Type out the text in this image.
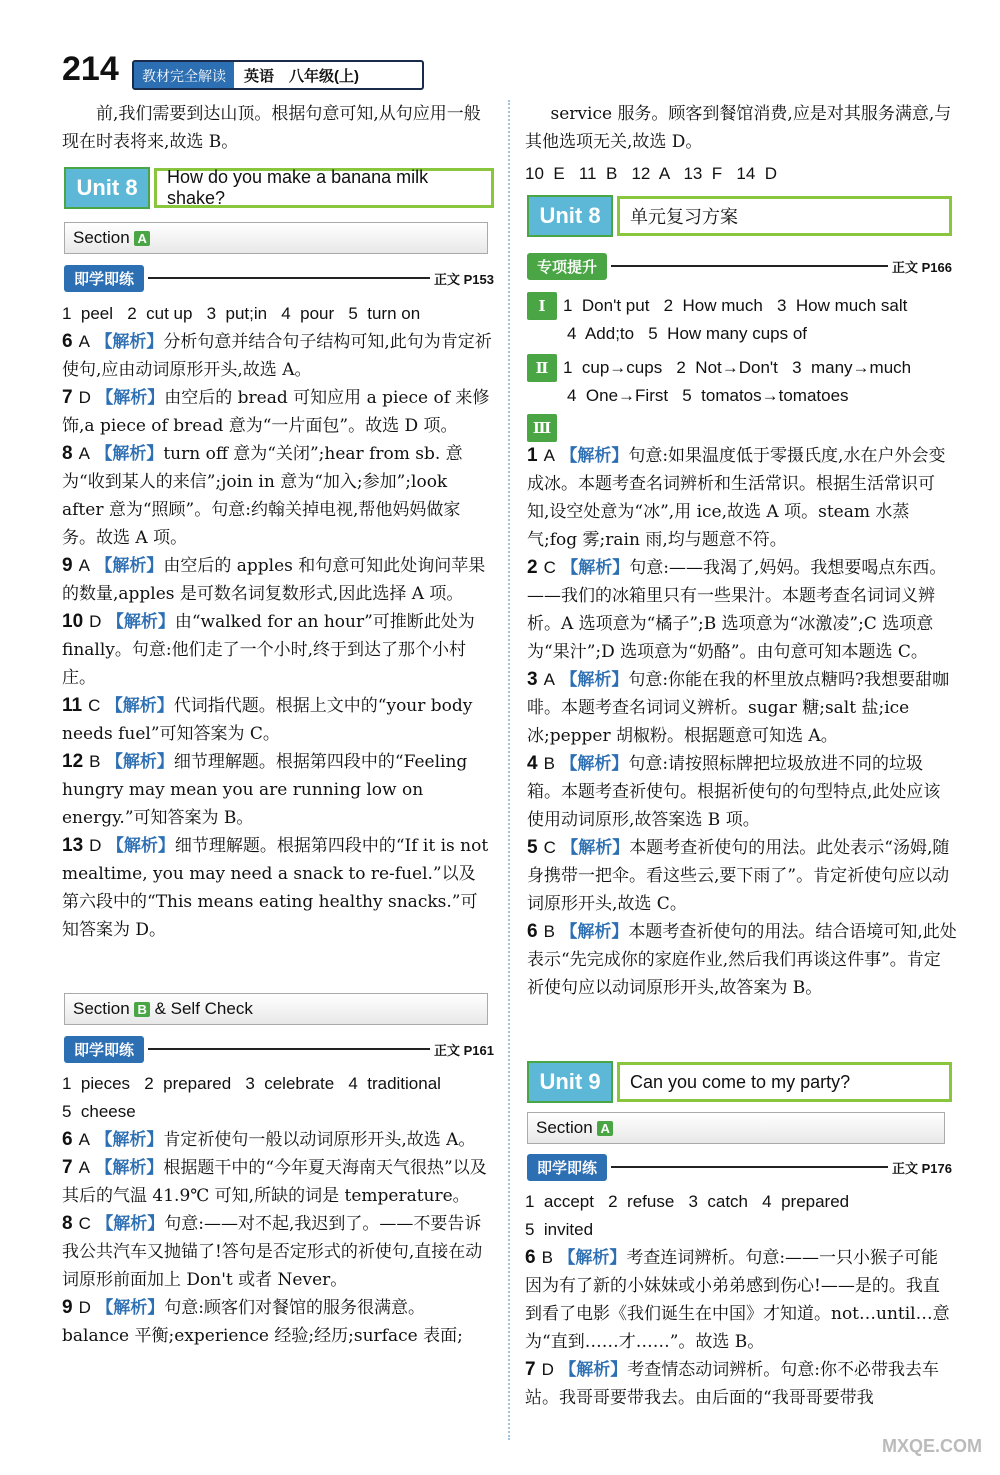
214	教材完全解读	英语　八年级(上)

前,我们需要到达山顶。根据句意可知,从句应用一般现在时表将来,故选 B。

Unit 8	How do you make a banana milk shake?
Section
A
即学即练	正文 P153

1  peel   2  cut up   3  put;in   4  pour   5  turn on

6 A 【解析】分析句意并结合句子结构可知,此句为肯定祈使句,应由动词原形开头,故选 A。

7 D 【解析】由空后的 bread 可知应用 a piece of 来修饰,a piece of bread 意为“一片面包”。故选 D 项。

8 A 【解析】turn off 意为“关闭”;hear from sb. 意为“收到某人的来信”;join in 意为“加入;参加”;look after 意为“照顾”。句意:约翰关掉电视,帮他妈妈做家务。故选 A 项。

9 A 【解析】由空后的 apples 和句意可知此处询问苹果的数量,apples 是可数名词复数形式,因此选择 A 项。

10 D 【解析】由“walked for an hour”可推断此处为 finally。句意:他们走了一个小时,终于到达了那个小村庄。

11 C 【解析】代词指代题。根据上文中的“your body needs fuel”可知答案为 C。

12 B 【解析】细节理解题。根据第四段中的“Feeling hungry may mean you are running low on energy.”可知答案为 B。

13 D 【解析】细节理解题。根据第四段中的“If it is not mealtime, you may need a snack to re-fuel.”以及第六段中的“This means eating healthy snacks.”可知答案为 D。

Section
B
& Self Check
即学即练	正文 P161

1  pieces   2  prepared   3  celebrate   4  traditional

5  cheese

6 A 【解析】肯定祈使句一般以动词原形开头,故选 A。

7 A 【解析】根据题干中的“今年夏天海南天气很热”以及其后的气温 41.9℃ 可知,所缺的词是 temperature。

8 C 【解析】句意:——对不起,我迟到了。——不要告诉我公共汽车又抛锚了!答句是否定形式的祈使句,直接在动词原形前面加上 Don't 或者 Never。

9 D 【解析】句意:顾客们对餐馆的服务很满意。balance 平衡;experience 经验;经历;surface 表面;

service 服务。顾客到餐馆消费,应是对其服务满意,与其他选项无关,故选 D。

10  E   11  B   12  A   13  F   14  D

Unit 8	单元复习方案
专项提升	正文 P166

Ⅰ 1  Don't put   2  How much   3  How much salt

4  Add;to   5  How many cups of

Ⅱ 1  cup→cups   2  Not→Don't   3  many→much

4  One→First   5  tomatos→tomatoes

Ⅲ

1 A 【解析】句意:如果温度低于零摄氏度,水在户外会变成冰。本题考查名词辨析和生活常识。根据生活常识可知,设空处意为“冰”,用 ice,故选 A 项。steam 水蒸气;fog 雾;rain 雨,均与题意不符。

2 C 【解析】句意:——我渴了,妈妈。我想要喝点东西。——我们的冰箱里只有一些果汁。本题考查名词词义辨析。A 选项意为“橘子”;B 选项意为“冰激凌”;C 选项意为“果汁”;D 选项意为“奶酪”。由句意可知本题选 C。

3 A 【解析】句意:你能在我的杯里放点糖吗?我想要甜咖啡。本题考查名词词义辨析。sugar 糖;salt 盐;ice 冰;pepper 胡椒粉。根据题意可知选 A。

4 B 【解析】句意:请按照标牌把垃圾放进不同的垃圾箱。本题考查祈使句。根据祈使句的句型特点,此处应该使用动词原形,故答案选 B 项。

5 C 【解析】本题考查祈使句的用法。此处表示“汤姆,随身携带一把伞。看这些云,要下雨了”。肯定祈使句应以动词原形开头,故选 C。

6 B 【解析】本题考查祈使句的用法。结合语境可知,此处表示“先完成你的家庭作业,然后我们再谈这件事”。肯定祈使句应以动词原形开头,故答案为 B。

Unit 9	Can you come to my party?
Section
A
即学即练	正文 P176

1  accept   2  refuse   3  catch   4  prepared

5  invited

6 B 【解析】考查连词辨析。句意:——一只小猴子可能因为有了新的小妹妹或小弟弟感到伤心!——是的。我直到看了电影《我们诞生在中国》才知道。not…until…意为“直到……才……”。故选 B。

7 D 【解析】考查情态动词辨析。句意:你不必带我去车站。我哥哥要带我去。由后面的“我哥哥要带我

MXQE.COM
